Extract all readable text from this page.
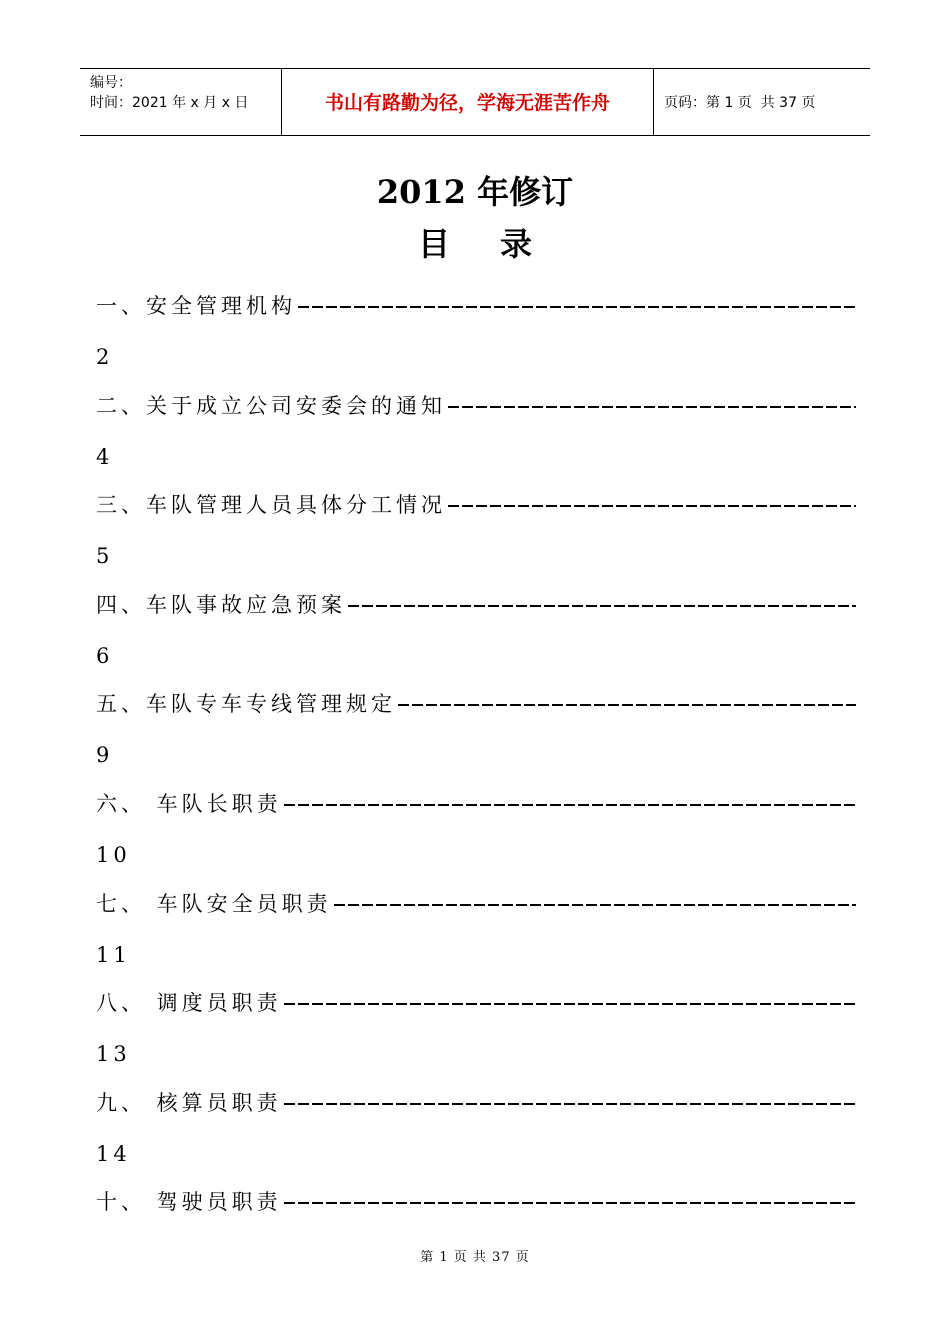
编号：
时间：2021 年 x 月 x 日	书山有路勤为径，学海无涯苦作舟	页码：第 1 页  共 37 页
2012 年修订
目录
一、安全管理机构
2
二、关于成立公司安委会的通知
4
三、车队管理人员具体分工情况
5
四、车队事故应急预案
6
五、车队专车专线管理规定
9
六、 车队长职责
10
七、 车队安全员职责
11
八、 调度员职责
13
九、 核算员职责
14
十、 驾驶员职责
第 1 页 共 37 页
